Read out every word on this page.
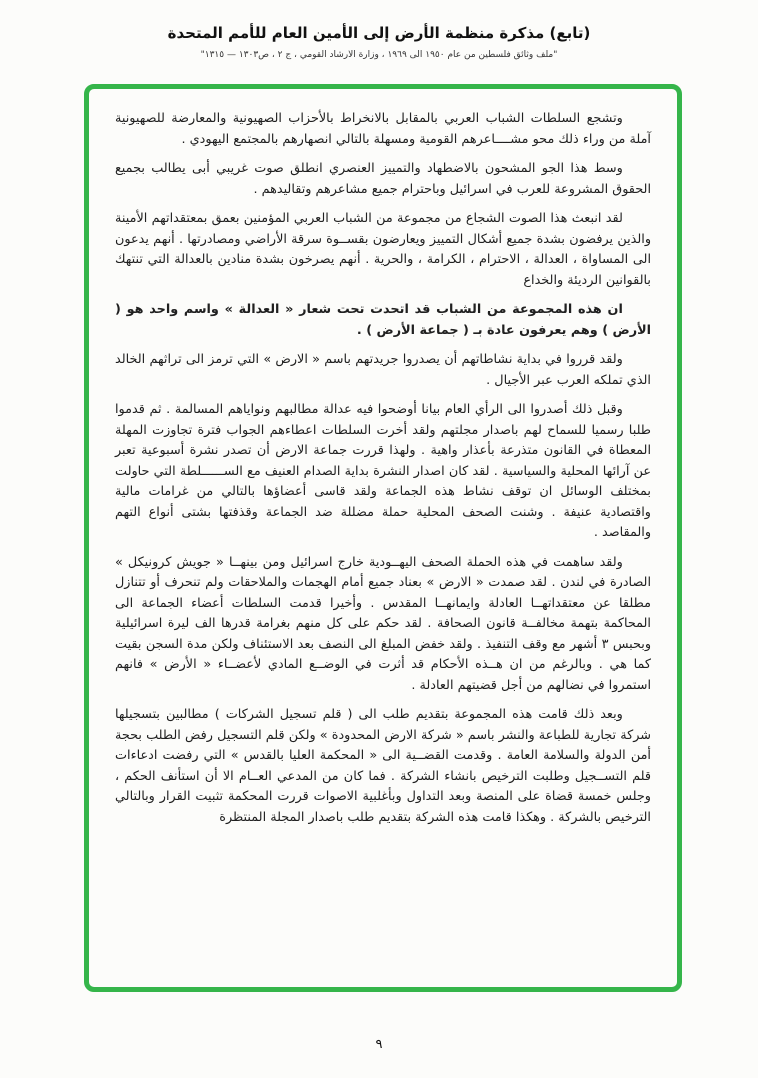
(تابع) مذكرة منظمة الأرض إلى الأمين العام للأمم المتحدة
"ملف وثائق فلسطين من عام ١٩٥٠ الى ١٩٦٩ ، وزارة الارشاد القومي ، ج ٢ ، ص١٣٠٣ — ١٣١٥"

وتشجع السلطات الشباب العربي بالمقابل بالانخراط بالأحزاب الصهيونية والمعارضة للصهيونية آملة من وراء ذلك محو مشــــاعرهم القومية ومسهلة بالتالي انصهارهم بالمجتمع اليهودي .

وسط هذا الجو المشحون بالاضطهاد والتمييز العنصري انطلق صوت غريبي أبى يطالب بجميع الحقوق المشروعة للعرب في اسرائيل وباحترام جميع مشاعرهم وتقاليدهم .

لقد انبعث هذا الصوت الشجاع من مجموعة من الشباب العربي المؤمنين بعمق بمعتقداتهم الأمينة والذين يرفضون بشدة جميع أشكال التمييز ويعارضون بقســوة سرقة الأراضي ومصادرتها . أنهم يدعون الى المساواة ، العدالة ، الاحترام ، الكرامة ، والحرية . أنهم يصرخون بشدة منادين بالعدالة التي تنتهك بالقوانين الرديئة والخداع

ان هذه المجموعة من الشباب قد اتحدت تحت شعار « العدالة » واسم واحد هو ( الأرض ) وهم يعرفون عادة بـ ( جماعة الأرض ) .

ولقد قرروا في بداية نشاطاتهم أن يصدروا جريدتهم باسم « الارض » التي ترمز الى تراثهم الخالد الذي تملكه العرب عبر الأجيال .

وقبل ذلك أصدروا الى الرأي العام بيانا أوضحوا فيه عدالة مطالبهم ونواياهم المسالمة . ثم قدموا طلبا رسميا للسماح لهم باصدار مجلتهم ولقد أخرت السلطات اعطاءهم الجواب فترة تجاوزت المهلة المعطاة في القانون متذرعة بأعذار واهية . ولهذا قررت جماعة الارض أن تصدر نشرة أسبوعية تعبر عن آرائها المحلية والسياسية . لقد كان اصدار النشرة بداية الصدام العنيف مع الســــــلطة التي حاولت بمختلف الوسائل ان توقف نشاط هذه الجماعة ولقد قاسى أعضاؤها بالتالي من غرامات مالية واقتصادية عنيفة . وشنت الصحف المحلية حملة مضللة ضد الجماعة وقذفتها بشتى أنواع التهم والمقاصد .

ولقد ساهمت في هذه الحملة الصحف اليهــودية خارج اسرائيل ومن بينهــا « جويش كرونيكل » الصادرة في لندن . لقد صمدت « الارض » بعناد جميع أمام الهجمات والملاحقات ولم تنحرف أو تتنازل مطلقا عن معتقداتهــا العادلة وايمانهــا المقدس . وأخيرا قدمت السلطات أعضاء الجماعة الى المحاكمة بتهمة مخالفــة قانون الصحافة . لقد حكم على كل منهم بغرامة قدرها الف ليرة اسرائيلية وبحبس ٣ أشهر مع وقف التنفيذ . ولقد خفض المبلغ الى النصف بعد الاستئناف ولكن مدة السجن بقيت كما هي . وبالرغم من ان هــذه الأحكام قد أثرت في الوضــع المادي لأعضــاء « الأرض » فانهم استمروا في نضالهم من أجل قضيتهم العادلة .

وبعد ذلك قامت هذه المجموعة بتقديم طلب الى ( قلم تسجيل الشركات ) مطالبين بتسجيلها شركة تجارية للطباعة والنشر باسم « شركة الارض المحدودة » ولكن قلم التسجيل رفض الطلب بحجة أمن الدولة والسلامة العامة . وقدمت القضــية الى « المحكمة العليا بالقدس » التي رفضت ادعاءات قلم التســجيل وطلبت الترخيص بانشاء الشركة . فما كان من المدعي العــام الا أن استأنف الحكم ، وجلس خمسة قضاة على المنصة وبعد التداول وبأغلبية الاصوات قررت المحكمة تثبيت القرار وبالتالي الترخيص بالشركة . وهكذا قامت هذه الشركة بتقديم طلب باصدار المجلة المنتظرة

٩
